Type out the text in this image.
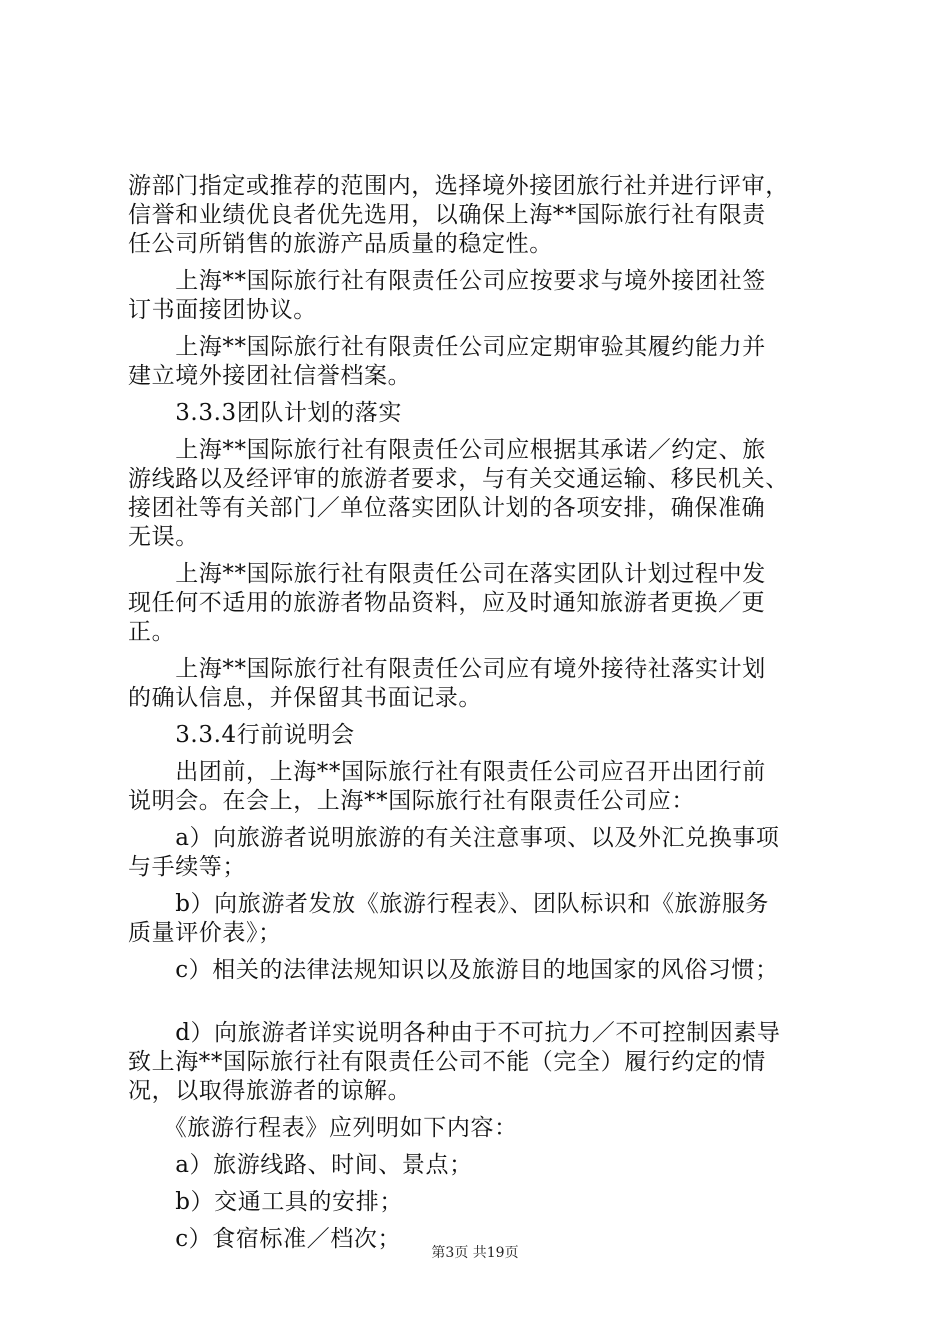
游部门指定或推荐的范围内，选择境外接团旅行社并进行评审，
信誉和业绩优良者优先选用，以确保上海**国际旅行社有限责
任公司所销售的旅游产品质量的稳定性。
　　上海**国际旅行社有限责任公司应按要求与境外接团社签
订书面接团协议。
　　上海**国际旅行社有限责任公司应定期审验其履约能力并
建立境外接团社信誉档案。
　　3.3.3团队计划的落实
　　上海**国际旅行社有限责任公司应根据其承诺／约定、旅
游线路以及经评审的旅游者要求，与有关交通运输、移民机关、
接团社等有关部门／单位落实团队计划的各项安排，确保准确
无误。
　　上海**国际旅行社有限责任公司在落实团队计划过程中发
现任何不适用的旅游者物品资料，应及时通知旅游者更换／更
正。
　　上海**国际旅行社有限责任公司应有境外接待社落实计划
的确认信息，并保留其书面记录。
　　3.3.4行前说明会
　　出团前，上海**国际旅行社有限责任公司应召开出团行前
说明会。在会上，上海**国际旅行社有限责任公司应：
　　a）向旅游者说明旅游的有关注意事项、以及外汇兑换事项
与手续等；
　　b）向旅游者发放《旅游行程表》、团队标识和《旅游服务
质量评价表》；
　　c）相关的法律法规知识以及旅游目的地国家的风俗习惯；
　　d）向旅游者详实说明各种由于不可抗力／不可控制因素导
致上海**国际旅行社有限责任公司不能（完全）履行约定的情
况，以取得旅游者的谅解。
　　《旅游行程表》应列明如下内容：
　　a）旅游线路、时间、景点；
　　b）交通工具的安排；
　　c）食宿标准／档次；
第3页 共19页
